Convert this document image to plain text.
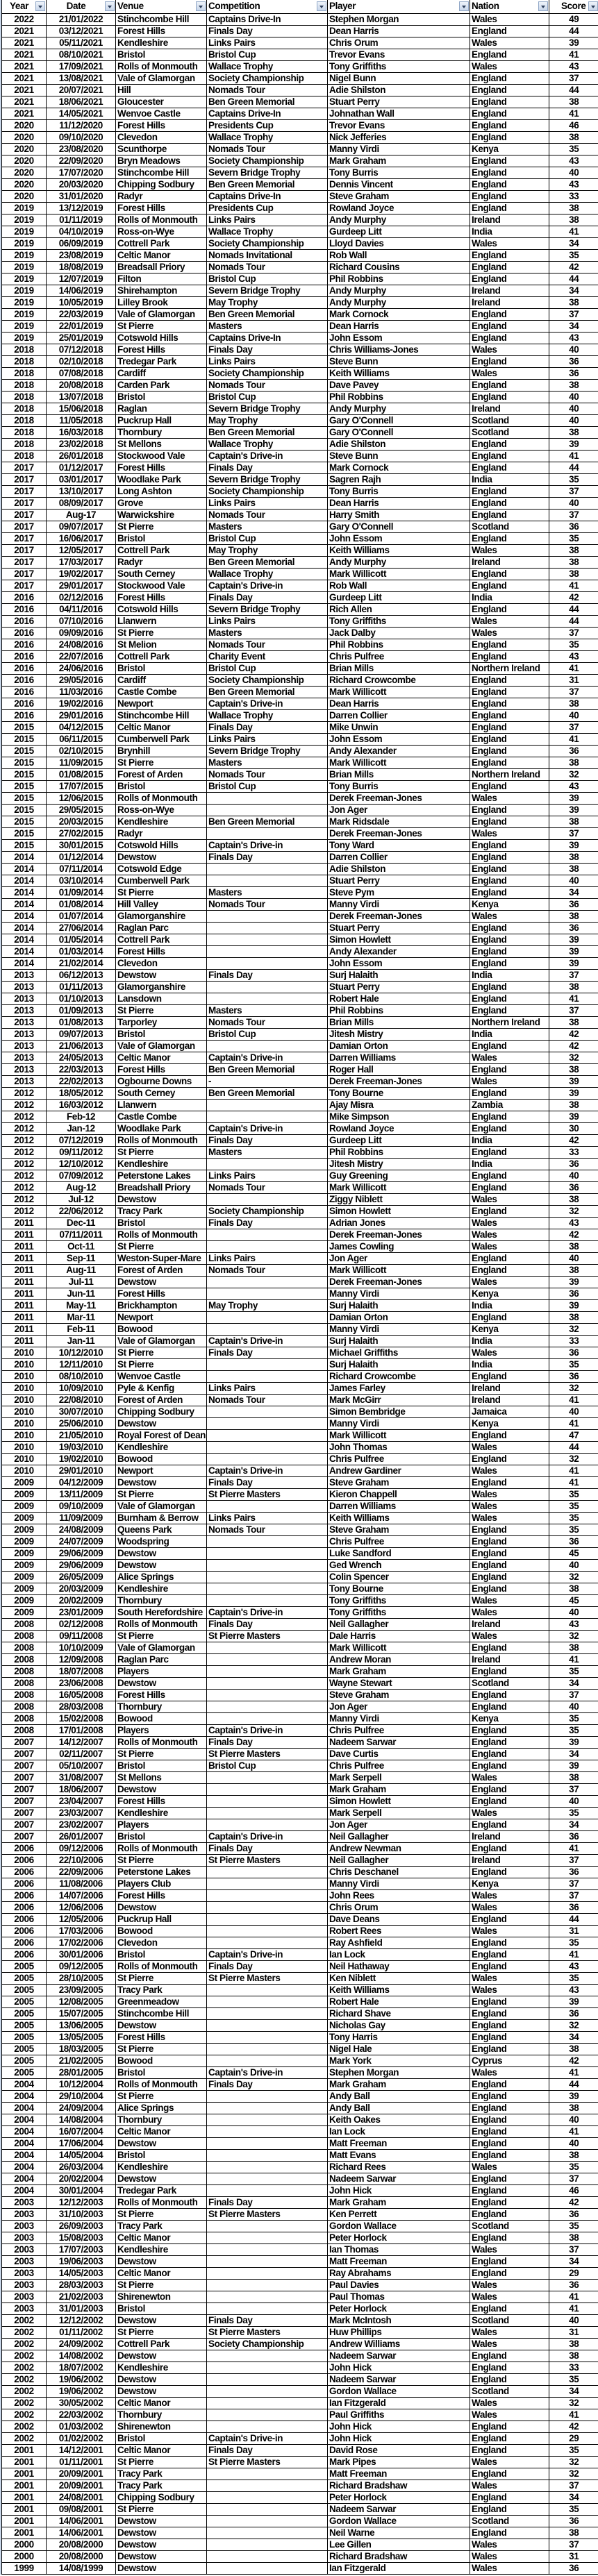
Year	Date	Venue	Competition	Player	Nation	Score

2022	21/01/2022	Stinchcombe Hill	Captains Drive-In	Stephen Morgan	Wales	49
2021	03/12/2021	Forest Hills	Finals Day	Dean Harris	England	44
2021	05/11/2021	Kendleshire	Links Pairs	Chris Orum	Wales	39
2021	08/10/2021	Bristol	Bristol Cup	Trevor Evans	England	41
2021	17/09/2021	Rolls of Monmouth	Wallace Trophy	Tony Griffiths	Wales	43
2021	13/08/2021	Vale of Glamorgan	Society Championship	Nigel Bunn	England	37
2021	20/07/2021	Hill	Nomads Tour	Adie Shilston	England	44
2021	18/06/2021	Gloucester	Ben Green Memorial	Stuart Perry	England	38
2021	14/05/2021	Wenvoe Castle	Captains Drive-In	Johnathan Wall	England	41
2020	11/12/2020	Forest Hills	Presidents Cup	Trevor Evans	England	46
2020	09/10/2020	Clevedon	Wallace Trophy	Nick Jefferies	England	38
2020	23/08/2020	Scunthorpe	Nomads Tour	Manny Virdi	Kenya	35
2020	22/09/2020	Bryn Meadows	Society Championship	Mark Graham	England	43
2020	17/07/2020	Stinchcombe Hill	Severn Bridge Trophy	Tony Burris	England	40
2020	20/03/2020	Chipping Sodbury	Ben Green Memorial	Dennis Vincent	England	43
2020	31/01/2020	Radyr	Captains Drive-In	Steve Graham	England	33
2019	13/12/2019	Forest Hills	Presidents Cup	Rowland Joyce	England	38
2019	01/11/2019	Rolls of Monmouth	Links Pairs	Andy Murphy	Ireland	38
2019	04/10/2019	Ross-on-Wye	Wallace Trophy	Gurdeep Litt	India	41
2019	06/09/2019	Cottrell Park	Society Championship	Lloyd Davies	Wales	34
2019	23/08/2019	Celtic Manor	Nomads Invitational	Rob Wall	England	35
2019	18/08/2019	Breadsall Priory	Nomads Tour	Richard Cousins	England	42
2019	12/07/2019	Filton	Bristol Cup	Phil Robbins	England	44
2019	14/06/2019	Shirehampton	Severn Bridge Trophy	Andy Murphy	Ireland	34
2019	10/05/2019	Lilley Brook	May Trophy	Andy Murphy	Ireland	38
2019	22/03/2019	Vale of Glamorgan	Ben Green Memorial	Mark Cornock	England	37
2019	22/01/2019	St Pierre	Masters	Dean Harris	England	34
2019	25/01/2019	Cotswold Hills	Captains Drive-In	John Essom	England	43
2018	07/12/2018	Forest Hills	Finals Day	Chris Williams-Jones	Wales	40
2018	02/10/2018	Tredegar Park	Links Pairs	Steve Bunn	England	36
2018	07/08/2018	Cardiff	Society Championship	Keith Williams	Wales	36
2018	20/08/2018	Carden Park	Nomads Tour	Dave Pavey	England	38
2018	13/07/2018	Bristol	Bristol Cup	Phil Robbins	England	40
2018	15/06/2018	Raglan	Severn Bridge Trophy	Andy Murphy	Ireland	40
2018	11/05/2018	Puckrup Hall	May Trophy	Gary O'Connell	Scotland	40
2018	16/03/2018	Thornbury	Ben Green Memorial	Gary O'Connell	Scotland	38
2018	23/02/2018	St Mellons	Wallace Trophy	Adie Shilston	England	39
2018	26/01/2018	Stockwood Vale	Captain's Drive-in	Steve Bunn	England	41
2017	01/12/2017	Forest Hills	Finals Day	Mark Cornock	England	44
2017	03/01/2017	Woodlake Park	Severn Bridge Trophy	Sagren Rajh	India	35
2017	13/10/2017	Long Ashton	Society Championship	Tony Burris	England	37
2017	08/09/2017	Grove	Links Pairs	Dean Harris	England	40
2017	Aug-17	Warwickshire	Nomads Tour	Harry Smith	England	37
2017	09/07/2017	St Pierre	Masters	Gary O'Connell	Scotland	36
2017	16/06/2017	Bristol	Bristol Cup	John Essom	England	35
2017	12/05/2017	Cottrell Park	May Trophy	Keith Williams	Wales	38
2017	17/03/2017	Radyr	Ben Green Memorial	Andy Murphy	Ireland	38
2017	19/02/2017	South Cerney	Wallace Trophy	Mark Willicott	England	38
2017	29/01/2017	Stockwood Vale	Captain's Drive-in	Rob Wall	England	41
2016	02/12/2016	Forest Hills	Finals Day	Gurdeep Litt	India	42
2016	04/11/2016	Cotswold Hills	Severn Bridge Trophy	Rich Allen	England	44
2016	07/10/2016	Llanwern	Links Pairs	Tony Griffiths	Wales	44
2016	09/09/2016	St Pierre	Masters	Jack Dalby	Wales	37
2016	24/08/2016	St Melion	Nomads Tour	Phil Robbins	England	35
2016	22/07/2016	Cottrell Park	Charity Event	Chris Pulfree	England	43
2016	24/06/2016	Bristol	Bristol Cup	Brian Mills	Northern Ireland	41
2016	29/05/2016	Cardiff	Society Championship	Richard Crowcombe	England	31
2016	11/03/2016	Castle Combe	Ben Green Memorial	Mark Willicott	England	37
2016	19/02/2016	Newport	Captain's Drive-in	Dean Harris	England	38
2016	29/01/2016	Stinchcombe Hill	Wallace Trophy	Darren Collier	England	40
2015	04/12/2015	Celtic Manor	Finals Day	Mike Unwin	England	37
2015	06/11/2015	Cumberwell Park	Links Pairs	John Essom	England	41
2015	02/10/2015	Brynhill	Severn Bridge Trophy	Andy Alexander	England	36
2015	11/09/2015	St Pierre	Masters	Mark Willicott	England	38
2015	01/08/2015	Forest of Arden	Nomads Tour	Brian Mills	Northern Ireland	32
2015	17/07/2015	Bristol	Bristol Cup	Tony Burris	England	43
2015	12/06/2015	Rolls of Monmouth		Derek Freeman-Jones	Wales	39
2015	29/05/2015	Ross-on-Wye		Jon Ager	England	39
2015	20/03/2015	Kendleshire	Ben Green Memorial	Mark Ridsdale	England	38
2015	27/02/2015	Radyr		Derek Freeman-Jones	Wales	37
2015	30/01/2015	Cotswold Hills	Captain's Drive-in	Tony Ward	England	39
2014	01/12/2014	Dewstow	Finals Day	Darren Collier	England	38
2014	07/11/2014	Cotswold Edge		Adie Shilston	England	38
2014	03/10/2014	Cumberwell Park		Stuart Perry	England	40
2014	01/09/2014	St Pierre	Masters	Steve Pym	England	34
2014	01/08/2014	Hill Valley	Nomads Tour	Manny Virdi	Kenya	36
2014	01/07/2014	Glamorganshire		Derek Freeman-Jones	Wales	38
2014	27/06/2014	Raglan Parc		Stuart Perry	England	36
2014	01/05/2014	Cottrell Park		Simon Howlett	England	39
2014	01/03/2014	Forest Hills		Andy Alexander	England	39
2014	21/02/2014	Clevedon		John Essom	England	39
2013	06/12/2013	Dewstow	Finals Day	Surj Halaith	India	37
2013	01/11/2013	Glamorganshire		Stuart Perry	England	38
2013	01/10/2013	Lansdown		Robert Hale	England	41
2013	01/09/2013	St Pierre	Masters	Phil Robbins	England	37
2013	01/08/2013	Tarporley	Nomads Tour	Brian Mills	Northern Ireland	38
2013	09/07/2013	Bristol	Bristol Cup	Jitesh Mistry	India	42
2013	21/06/2013	Vale of Glamorgan		Damian Orton	England	42
2013	24/05/2013	Celtic Manor	Captain's Drive-in	Darren Williams	Wales	32
2013	22/03/2013	Forest Hills	Ben Green Memorial	Roger Hall	England	38
2013	22/02/2013	Ogbourne Downs	-	Derek Freeman-Jones	Wales	39
2012	18/05/2012	South Cerney	Ben Green Memorial	Tony Bourne	England	39
2012	16/03/2012	Llanwern		Ajay Misra	Zambia	38
2012	Feb-12	Castle Combe		Mike Simpson	England	39
2012	Jan-12	Woodlake Park	Captain's Drive-in	Rowland Joyce	England	30
2012	07/12/2019	Rolls of Monmouth	Finals Day	Gurdeep Litt	India	42
2012	09/11/2012	St Pierre	Masters	Phil Robbins	England	33
2012	12/10/2012	Kendleshire		Jitesh Mistry	India	36
2012	07/09/2012	Peterstone Lakes	Links Pairs	Guy Greening	England	40
2012	Aug-12	Breadshall Priory	Nomads Tour	Mark Willicott	England	36
2012	Jul-12	Dewstow		Ziggy Niblett	Wales	38
2012	22/06/2012	Tracy Park	Society Championship	Simon Howlett	England	32
2011	Dec-11	Bristol	Finals Day	Adrian Jones	Wales	43
2011	07/11/2011	Rolls of Monmouth		Derek Freeman-Jones	Wales	42
2011	Oct-11	St Pierre		James Cowling	Wales	38
2011	Sep-11	Weston-Super-Mare	Links Pairs	Jon Ager	England	40
2011	Aug-11	Forest of Arden	Nomads Tour	Mark Willicott	England	38
2011	Jul-11	Dewstow		Derek Freeman-Jones	Wales	39
2011	Jun-11	Forest Hills		Manny Virdi	Kenya	36
2011	May-11	Brickhampton	May Trophy	Surj Halaith	India	39
2011	Mar-11	Newport		Damian Orton	England	38
2011	Feb-11	Bowood		Manny Virdi	Kenya	32
2011	Jan-11	Vale of Glamorgan	Captain's Drive-in	Surj Halaith	India	33
2010	10/12/2010	St Pierre	Finals Day	Michael Griffiths	Wales	36
2010	12/11/2010	St Pierre		Surj Halaith	India	35
2010	08/10/2010	Wenvoe Castle		Richard Crowcombe	England	36
2010	10/09/2010	Pyle & Kenfig	Links Pairs	James Farley	Ireland	32
2010	22/08/2010	Forest of Arden	Nomads Tour	Mark McGirr	Ireland	41
2010	30/07/2010	Chipping Sodbury		Simon Bembridge	Jamaica	40
2010	25/06/2010	Dewstow		Manny Virdi	Kenya	41
2010	21/05/2010	Royal Forest of Dean		Mark Willicott	England	47
2010	19/03/2010	Kendleshire		John Thomas	Wales	44
2010	19/02/2010	Bowood		Chris Pulfree	England	32
2010	29/01/2010	Newport	Captain's Drive-in	Andrew Gardiner	Wales	41
2009	04/12/2009	Dewstow	Finals Day	Steve Graham	England	41
2009	13/11/2009	St Pierre	St Pierre Masters	Kieron Chappell	Wales	35
2009	09/10/2009	Vale of Glamorgan		Darren Williams	Wales	35
2009	11/09/2009	Burnham & Berrow	Links Pairs	Keith Williams	Wales	35
2009	24/08/2009	Queens Park	Nomads Tour	Steve Graham	England	35
2009	24/07/2009	Woodspring		Chris Pulfree	England	36
2009	29/06/2009	Dewstow		Luke Sandford	England	45
2009	29/06/2009	Dewstow		Ged Wrench	England	40
2009	26/05/2009	Alice Springs		Colin Spencer	England	32
2009	20/03/2009	Kendleshire		Tony Bourne	England	38
2009	20/02/2009	Thornbury		Tony Griffiths	Wales	45
2009	23/01/2009	South Herefordshire	Captain's Drive-in	Tony Griffiths	Wales	40
2008	02/12/2008	Rolls of Monmouth	Finals Day	Neil Gallagher	Ireland	43
2008	09/11/2008	St Pierre	St Pierre Masters	Dale Harris	Wales	32
2008	10/10/2009	Vale of Glamorgan		Mark Willicott	England	38
2008	12/09/2008	Raglan Parc		Andrew Moran	Ireland	41
2008	18/07/2008	Players		Mark Graham	England	35
2008	23/06/2008	Dewstow		Wayne Stewart	Scotland	34
2008	16/05/2008	Forest Hills		Steve Graham	England	37
2008	28/03/2008	Thornbury		Jon Ager	England	40
2008	15/02/2008	Bowood		Manny Virdi	Kenya	35
2008	17/01/2008	Players	Captain's Drive-in	Chris Pulfree	England	35
2007	14/12/2007	Rolls of Monmouth	Finals Day	Nadeem Sarwar	England	39
2007	02/11/2007	St Pierre	St Pierre Masters	Dave Curtis	England	34
2007	05/10/2007	Bristol	Bristol Cup	Chris Pulfree	England	39
2007	31/08/2007	St Mellons		Mark Serpell	Wales	38
2007	18/06/2007	Dewstow		Mark Graham	England	37
2007	23/04/2007	Forest Hills		Simon Howlett	England	40
2007	23/03/2007	Kendleshire		Mark Serpell	Wales	35
2007	23/02/2007	Players		Jon Ager	England	34
2007	26/01/2007	Bristol	Captain's Drive-in	Neil Gallagher	Ireland	36
2006	09/12/2006	Rolls of Monmouth	Finals Day	Andrew Newman	England	41
2006	22/10/2006	St Pierre	St Pierre Masters	Neil Gallagher	Ireland	37
2006	22/09/2006	Peterstone Lakes		Chris Deschanel	England	36
2006	11/08/2006	Players Club		Manny Virdi	Kenya	37
2006	14/07/2006	Forest Hills		John Rees	Wales	37
2006	12/06/2006	Dewstow		Chris Orum	Wales	36
2006	12/05/2006	Puckrup Hall		Dave Deans	England	44
2006	17/03/2006	Bowood		Robert Rees	Wales	31
2006	17/02/2006	Clevedon		Ray Ashfield	England	35
2006	30/01/2006	Bristol	Captain's Drive-in	Ian Lock	England	41
2005	09/12/2005	Rolls of Monmouth	Finals Day	Neil Hathaway	England	43
2005	28/10/2005	St Pierre	St Pierre Masters	Ken Niblett	Wales	35
2005	23/09/2005	Tracy Park		Keith Williams	Wales	43
2005	12/08/2005	Greenmeadow		Robert Hale	England	39
2005	15/07/2005	Stinchcombe Hill		Richard Shave	England	36
2005	13/06/2005	Dewstow		Nicholas Gay	England	32
2005	13/05/2005	Forest Hills		Tony Harris	England	34
2005	18/03/2005	St Pierre		Nigel Hale	England	38
2005	21/02/2005	Bowood		Mark York	Cyprus	42
2005	28/01/2005	Bristol	Captain's Drive-in	Stephen Morgan	Wales	41
2004	10/12/2004	Rolls of Monmouth	Finals Day	Mark Graham	England	44
2004	29/10/2004	St Pierre		Andy Ball	England	39
2004	24/09/2004	Alice Springs		Andy Ball	England	38
2004	14/08/2004	Thornbury		Keith Oakes	England	40
2004	16/07/2004	Celtic Manor		Ian Lock	England	41
2004	17/06/2004	Dewstow		Matt Freeman	England	40
2004	14/05/2004	Bristol		Matt Evans	England	38
2004	26/03/2004	Kendleshire		Richard Rees	Wales	35
2004	20/02/2004	Dewstow		Nadeem Sarwar	England	37
2004	30/01/2004	Tredegar Park		John Hick	England	46
2003	12/12/2003	Rolls of Monmouth	Finals Day	Mark Graham	England	42
2003	31/10/2003	St Pierre	St Pierre Masters	Ken Perrett	England	36
2003	26/09/2003	Tracy Park		Gordon Wallace	Scotland	35
2003	15/08/2003	Celtic Manor		Peter Horlock	England	38
2003	17/07/2003	Kendleshire		Ian Thomas	Wales	37
2003	19/06/2003	Dewstow		Matt Freeman	England	34
2003	14/05/2003	Celtic Manor		Ray Abrahams	England	29
2003	28/03/2003	St Pierre		Paul Davies	Wales	36
2003	21/02/2003	Shirenewton		Paul Thomas	Wales	41
2003	31/01/2003	Bristol		Peter Horlock	England	41
2002	12/12/2002	Dewstow	Finals Day	Mark McIntosh	Scotland	40
2002	01/11/2002	St Pierre	St Pierre Masters	Huw Phillips	Wales	31
2002	24/09/2002	Cottrell Park	Society Championship	Andrew Williams	Wales	38
2002	14/08/2002	Dewstow		Nadeem Sarwar	England	38
2002	18/07/2002	Kendleshire		John Hick	England	33
2002	19/06/2002	Dewstow		Nadeem Sarwar	England	35
2002	19/06/2002	Dewstow		Gordon Wallace	Scotland	34
2002	30/05/2002	Celtic Manor		Ian Fitzgerald	Wales	32
2002	22/03/2002	Thornbury		Paul Griffiths	Wales	41
2002	01/03/2002	Shirenewton		John Hick	England	42
2002	01/02/2002	Bristol	Captain's Drive-in	John Hick	England	29
2001	14/12/2001	Celtic Manor	Finals Day	David Rose	England	35
2001	01/11/2001	St Pierre	St Pierre Masters	Mark Pipes	Wales	32
2001	20/09/2001	Tracy Park		Matt Freeman	England	32
2001	20/09/2001	Tracy Park		Richard Bradshaw	Wales	37
2001	24/08/2001	Chipping Sodbury		Peter Horlock	England	34
2001	09/08/2001	St Pierre		Nadeem Sarwar	England	35
2001	14/06/2001	Dewstow		Gordon Wallace	Scotland	36
2001	14/06/2001	Dewstow		Neil Warne	England	38
2000	20/08/2000	Dewstow		Lee Gillen	Wales	37
2000	20/08/2000	Dewstow		Richard Bradshaw	Wales	31
1999	14/08/1999	Dewstow		Ian Fitzgerald	Wales	36
